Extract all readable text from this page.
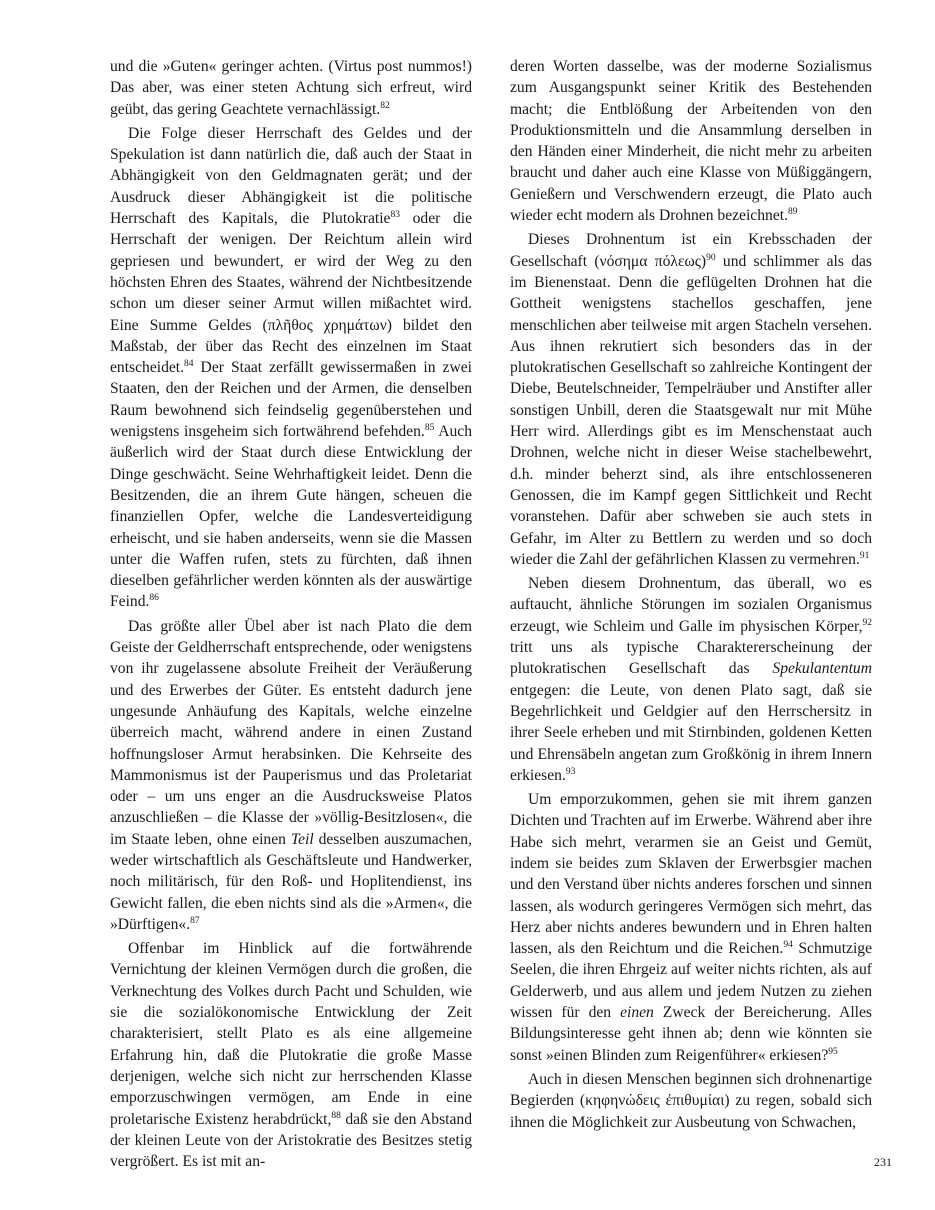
und die »Guten« geringer achten. (Virtus post nummos!) Das aber, was einer steten Achtung sich erfreut, wird geübt, das gering Geachtete vernachlässigt.$^{82}$

Die Folge dieser Herrschaft des Geldes und der Spekulation ist dann natürlich die, daß auch der Staat in Abhängigkeit von den Geldmagnaten gerät; und der Ausdruck dieser Abhängigkeit ist die politische Herrschaft des Kapitals, die Plutokratie$^{83}$ oder die Herrschaft der wenigen. Der Reichtum allein wird gepriesen und bewundert, er wird der Weg zu den höchsten Ehren des Staates, während der Nichtbesitzende schon um dieser seiner Armut willen mißachtet wird. Eine Summe Geldes (πλῆθος χρημάτων) bildet den Maßstab, der über das Recht des einzelnen im Staat entscheidet.$^{84}$ Der Staat zerfällt gewissermaßen in zwei Staaten, den der Reichen und der Armen, die denselben Raum bewohnend sich feindselig gegenüberstehen und wenigstens insgeheim sich fortwährend befehden.$^{85}$ Auch äußerlich wird der Staat durch diese Entwicklung der Dinge geschwächt. Seine Wehrhaftigkeit leidet. Denn die Besitzenden, die an ihrem Gute hängen, scheuen die finanziellen Opfer, welche die Landesverteidigung erheischt, und sie haben anderseits, wenn sie die Massen unter die Waffen rufen, stets zu fürchten, daß ihnen dieselben gefährlicher werden könnten als der auswärtige Feind.$^{86}$

Das größte aller Übel aber ist nach Plato die dem Geiste der Geldherrschaft entsprechende, oder wenigstens von ihr zugelassene absolute Freiheit der Veräußerung und des Erwerbes der Güter. Es entsteht dadurch jene ungesunde Anhäufung des Kapitals, welche einzelne überreich macht, während andere in einen Zustand hoffnungsloser Armut herabsinken. Die Kehrseite des Mammonismus ist der Pauperismus und das Proletariat oder – um uns enger an die Ausdrucksweise Platos anzuschließen – die Klasse der »völlig-Besitzlosen«, die im Staate leben, ohne einen Teil desselben auszumachen, weder wirtschaftlich als Geschäftsleute und Handwerker, noch militärisch, für den Roß- und Hoplitendienst, ins Gewicht fallen, die eben nichts sind als die »Armen«, die »Dürftigen«.$^{87}$

Offenbar im Hinblick auf die fortwährende Vernichtung der kleinen Vermögen durch die großen, die Verknechtung des Volkes durch Pacht und Schulden, wie sie die sozialökonomische Entwicklung der Zeit charakterisiert, stellt Plato es als eine allgemeine Erfahrung hin, daß die Plutokratie die große Masse derjenigen, welche sich nicht zur herrschenden Klasse emporzuschwingen vermögen, am Ende in eine proletarische Existenz herabdrückt,$^{88}$ daß sie den Abstand der kleinen Leute von der Aristokratie des Besitzes stetig vergrößert. Es ist mit an-

deren Worten dasselbe, was der moderne Sozialismus zum Ausgangspunkt seiner Kritik des Bestehenden macht; die Entblößung der Arbeitenden von den Produktionsmitteln und die Ansammlung derselben in den Händen einer Minderheit, die nicht mehr zu arbeiten braucht und daher auch eine Klasse von Müßiggängern, Genießern und Verschwendern erzeugt, die Plato auch wieder echt modern als Drohnen bezeichnet.$^{89}$

Dieses Drohnentum ist ein Krebsschaden der Gesellschaft (νόσημα πόλεως)$^{90}$ und schlimmer als das im Bienenstaat. Denn die geflügelten Drohnen hat die Gottheit wenigstens stachellos geschaffen, jene menschlichen aber teilweise mit argen Stacheln versehen. Aus ihnen rekrutiert sich besonders das in der plutokratischen Gesellschaft so zahlreiche Kontingent der Diebe, Beutelschneider, Tempelräuber und Anstifter aller sonstigen Unbill, deren die Staatsgewalt nur mit Mühe Herr wird. Allerdings gibt es im Menschenstaat auch Drohnen, welche nicht in dieser Weise stachelbewehrt, d.h. minder beherzt sind, als ihre entschlosseneren Genossen, die im Kampf gegen Sittlichkeit und Recht voranstehen. Dafür aber schweben sie auch stets in Gefahr, im Alter zu Bettlern zu werden und so doch wieder die Zahl der gefährlichen Klassen zu vermehren.$^{91}$

Neben diesem Drohnentum, das überall, wo es auftaucht, ähnliche Störungen im sozialen Organismus erzeugt, wie Schleim und Galle im physischen Körper,$^{92}$ tritt uns als typische Charaktererscheinung der plutokratischen Gesellschaft das Spekulantentum entgegen: die Leute, von denen Plato sagt, daß sie Begehrlichkeit und Geldgier auf den Herrschersitz in ihrer Seele erheben und mit Stirnbinden, goldenen Ketten und Ehrensäbeln angetan zum Großkönig in ihrem Innern erkiesen.$^{93}$

Um emporzukommen, gehen sie mit ihrem ganzen Dichten und Trachten auf im Erwerbe. Während aber ihre Habe sich mehrt, verarmen sie an Geist und Gemüt, indem sie beides zum Sklaven der Erwerbsgier machen und den Verstand über nichts anderes forschen und sinnen lassen, als wodurch geringeres Vermögen sich mehrt, das Herz aber nichts anderes bewundern und in Ehren halten lassen, als den Reichtum und die Reichen.$^{94}$ Schmutzige Seelen, die ihren Ehrgeiz auf weiter nichts richten, als auf Gelderwerb, und aus allem und jedem Nutzen zu ziehen wissen für den einen Zweck der Bereicherung. Alles Bildungsinteresse geht ihnen ab; denn wie könnten sie sonst »einen Blinden zum Reigenführer« erkiesen?$^{95}$

Auch in diesen Menschen beginnen sich drohnenartige Begierden (κηφηνώδεις ἐπιθυμίαι) zu regen, sobald sich ihnen die Möglichkeit zur Ausbeutung von Schwachen,

231
